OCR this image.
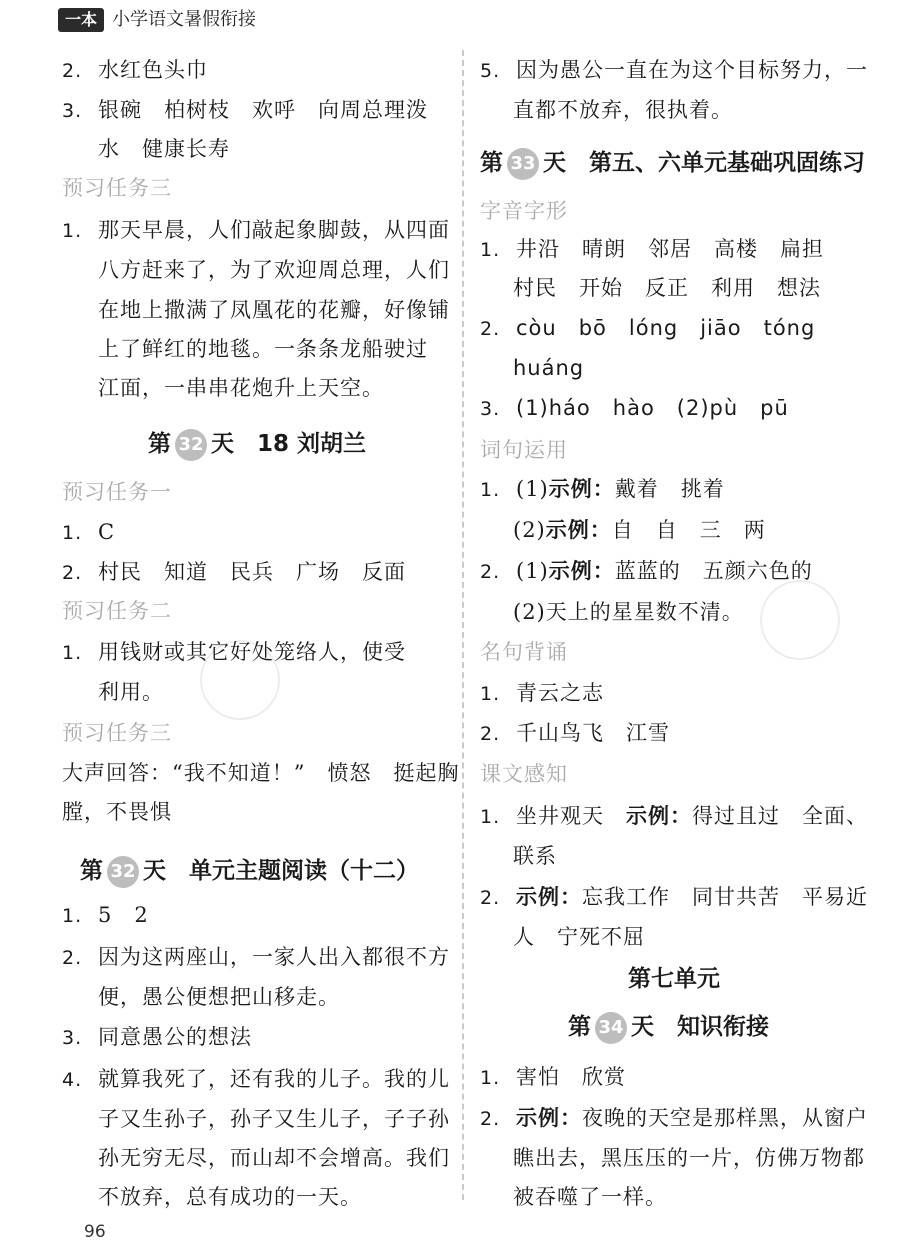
一本 小学语文暑假衔接
2. 水红色头巾
3. 银碗　柏树枝　欢呼　向周总理泼
水　健康长寿
预习任务三
1. 那天早晨，人们敲起象脚鼓，从四面
八方赶来了，为了欢迎周总理，人们
在地上撒满了凤凰花的花瓣，好像铺
上了鲜红的地毯。一条条龙船驶过
江面，一串串花炮升上天空。
第 32 天　18 刘胡兰
预习任务一
1. C
2. 村民　知道　民兵　广场　反面
预习任务二
1. 用钱财或其它好处笼络人，使受
利用。
预习任务三
大声回答：“我不知道！”　愤怒　挺起胸
膛，不畏惧
第 32 天　单元主题阅读（十二）
1. 5　2
2. 因为这两座山，一家人出入都很不方
便，愚公便想把山移走。
3. 同意愚公的想法
4. 就算我死了，还有我的儿子。我的儿
子又生孙子，孙子又生儿子，子子孙
孙无穷无尽，而山却不会增高。我们
不放弃，总有成功的一天。
96
5. 因为愚公一直在为这个目标努力，一
直都不放弃，很执着。
第 33 天　第五、六单元基础巩固练习
字音字形
1. 井沿　晴朗　邻居　高楼　扁担
村民　开始　反正　利用　想法
2. còu　bō　lóng　jiāo　tóng
huáng
3. (1)háo　hào　(2)pù　pū
词句运用
1. (1)示例：戴着　挑着
(2)示例：自　自　三　两
2. (1)示例：蓝蓝的　五颜六色的
(2)天上的星星数不清。
名句背诵
1. 青云之志
2. 千山鸟飞　江雪
课文感知
1. 坐井观天　示例：得过且过　全面、
联系
2. 示例：忘我工作　同甘共苦　平易近
人　宁死不屈
第七单元
第 34 天　知识衔接
1. 害怕　欣赏
2. 示例：夜晚的天空是那样黑，从窗户
瞧出去，黑压压的一片，仿佛万物都
被吞噬了一样。
